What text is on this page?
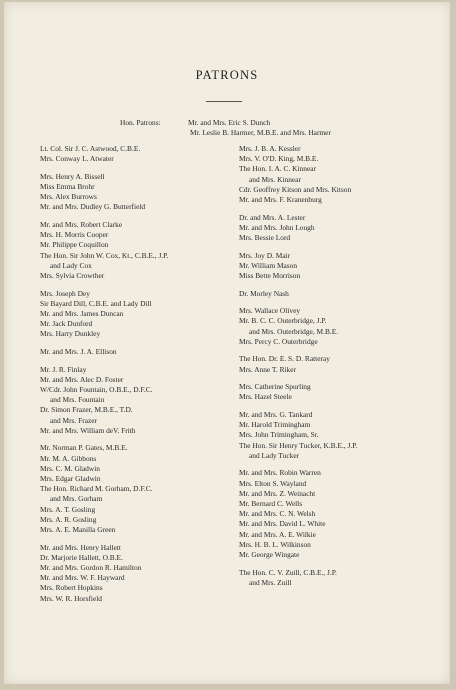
PATRONS
Hon. Patrons:	Mr. and Mrs. Eric S. Dunch
Mr. Leslie B. Harmer, M.B.E. and Mrs. Harmer
Lt. Col. Sir J. C. Astwood, C.B.E.
Mrs. Conway L. Atwater
Mrs. Henry A. Bissell
Miss Emma Brohr
Mrs. Alex Burrows
Mr. and Mrs. Dudley G. Butterfield
Mr. and Mrs. Robert Clarke
Mrs. H. Morris Cooper
Mr. Philippe Coquillon
The Hon. Sir John W. Cox, Kt., C.B.E., J.P.
and Lady Cox
Mrs. Sylvia Crowther
Mrs. Joseph Dey
Sir Bayard Dill, C.B.E. and Lady Dill
Mr. and Mrs. James Duncan
Mr. Jack Dunford
Mrs. Harry Dunkley
Mr. and Mrs. J. A. Ellison
Mr. J. R. Finlay
Mr. and Mrs. Alec D. Foster
W/Cdr. John Fountain, O.B.E., D.F.C.
and Mrs. Fountain
Dr. Simon Frazer, M.B.E., T.D.
and Mrs. Frazer
Mr. and Mrs. William deV. Frith
Mr. Norman P. Gates, M.B.E.
Mr. M. A. Gibbons
Mrs. C. M. Gladwin
Mrs. Edgar Gladwin
The Hon. Richard M. Gorham, D.F.C.
and Mrs. Gorham
Mrs. A. T. Gosling
Mrs. A. R. Gosling
Mrs. A. E. Manilla Green
Mr. and Mrs. Henry Hallett
Dr. Marjorie Hallett, O.B.E.
Mr. and Mrs. Gordon R. Hamilton
Mr. and Mrs. W. F. Hayward
Mrs. Robert Hopkins
Mrs. W. R. Horsfield
Mrs. J. B. A. Kessler
Mrs. V. O'D. King, M.B.E.
The Hon. I. A. C. Kinnear
and Mrs. Kinnear
Cdr. Geoffrey Kitson and Mrs. Kitson
Mr. and Mrs. F. Kranenburg
Dr. and Mrs. A. Lester
Mr. and Mrs. John Lough
Mrs. Bessie Lord
Mrs. Joy D. Mair
Mr. William Mason
Miss Bette Morrison
Dr. Morley Nash
Mrs. Wallace Olivey
Mr. B. C. C. Outerbridge, J.P.
and Mrs. Outerbridge, M.B.E.
Mrs. Percy C. Outerbridge
The Hon. Dr. E. S. D. Ratteray
Mrs. Anne T. Riker
Mrs. Catherine Spurling
Mrs. Hazel Steele
Mr. and Mrs. G. Tankard
Mr. Harold Trimingham
Mrs. John Trimingham, Sr.
The Hon. Sir Henry Tucker, K.B.E., J.P.
and Lady Tucker
Mr. and Mrs. Robin Warren
Mrs. Elton S. Wayland
Mr. and Mrs. Z. Weinacht
Mr. Bernard C. Wells
Mr. and Mrs. C. N. Welsh
Mr. and Mrs. David L. White
Mr. and Mrs. A. E. Wilkie
Mrs. H. B. L. Wilkinson
Mr. George Wingate
The Hon. C. V. Zuill, C.B.E., J.P.
and Mrs. Zuill
